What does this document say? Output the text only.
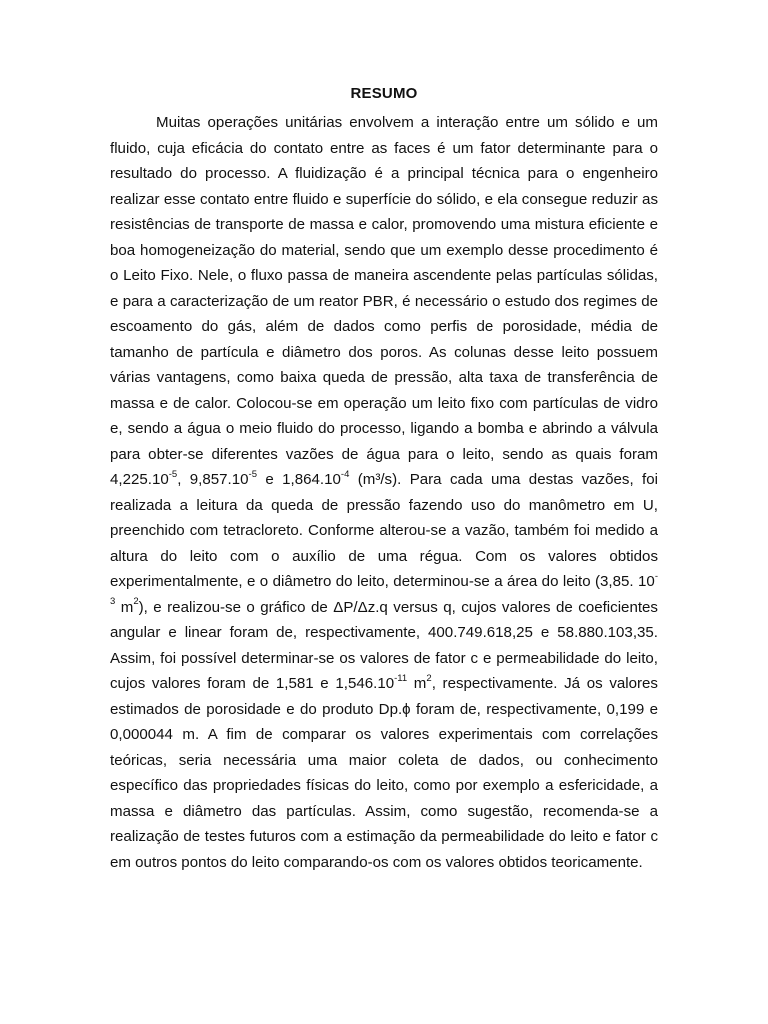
RESUMO

Muitas operações unitárias envolvem a interação entre um sólido e um fluido, cuja eficácia do contato entre as faces é um fator determinante para o resultado do processo. A fluidização é a principal técnica para o engenheiro realizar esse contato entre fluido e superfície do sólido, e ela consegue reduzir as resistências de transporte de massa e calor, promovendo uma mistura eficiente e boa homogeneização do material, sendo que um exemplo desse procedimento é o Leito Fixo. Nele, o fluxo passa de maneira ascendente pelas partículas sólidas, e para a caracterização de um reator PBR, é necessário o estudo dos regimes de escoamento do gás, além de dados como perfis de porosidade, média de tamanho de partícula e diâmetro dos poros. As colunas desse leito possuem várias vantagens, como baixa queda de pressão, alta taxa de transferência de massa e de calor. Colocou-se em operação um leito fixo com partículas de vidro e, sendo a água o meio fluido do processo, ligando a bomba e abrindo a válvula para obter-se diferentes vazões de água para o leito, sendo as quais foram $4,225.10^{-5}$, $9,857.10^{-5}$ e $1,864.10^{-4}$ (m³/s). Para cada uma destas vazões, foi realizada a leitura da queda de pressão fazendo uso do manômetro em U, preenchido com tetracloreto. Conforme alterou-se a vazão, também foi medido a altura do leito com o auxílio de uma régua. Com os valores obtidos experimentalmente, e o diâmetro do leito, determinou-se a área do leito (3,85. $10^{-3}$ $m^2$), e realizou-se o gráfico de ΔP/Δz.q versus q, cujos valores de coeficientes angular e linear foram de, respectivamente, 400.749.618,25 e 58.880.103,35. Assim, foi possível determinar-se os valores de fator c e permeabilidade do leito, cujos valores foram de 1,581 e $1,546.10^{-11}$ $m^2$, respectivamente. Já os valores estimados de porosidade e do produto Dp.ϕ foram de, respectivamente, 0,199 e 0,000044 m. A fim de comparar os valores experimentais com correlações teóricas, seria necessária uma maior coleta de dados, ou conhecimento específico das propriedades físicas do leito, como por exemplo a esfericidade, a massa e diâmetro das partículas. Assim, como sugestão, recomenda-se a realização de testes futuros com a estimação da permeabilidade do leito e fator c em outros pontos do leito comparando-os com os valores obtidos teoricamente.
